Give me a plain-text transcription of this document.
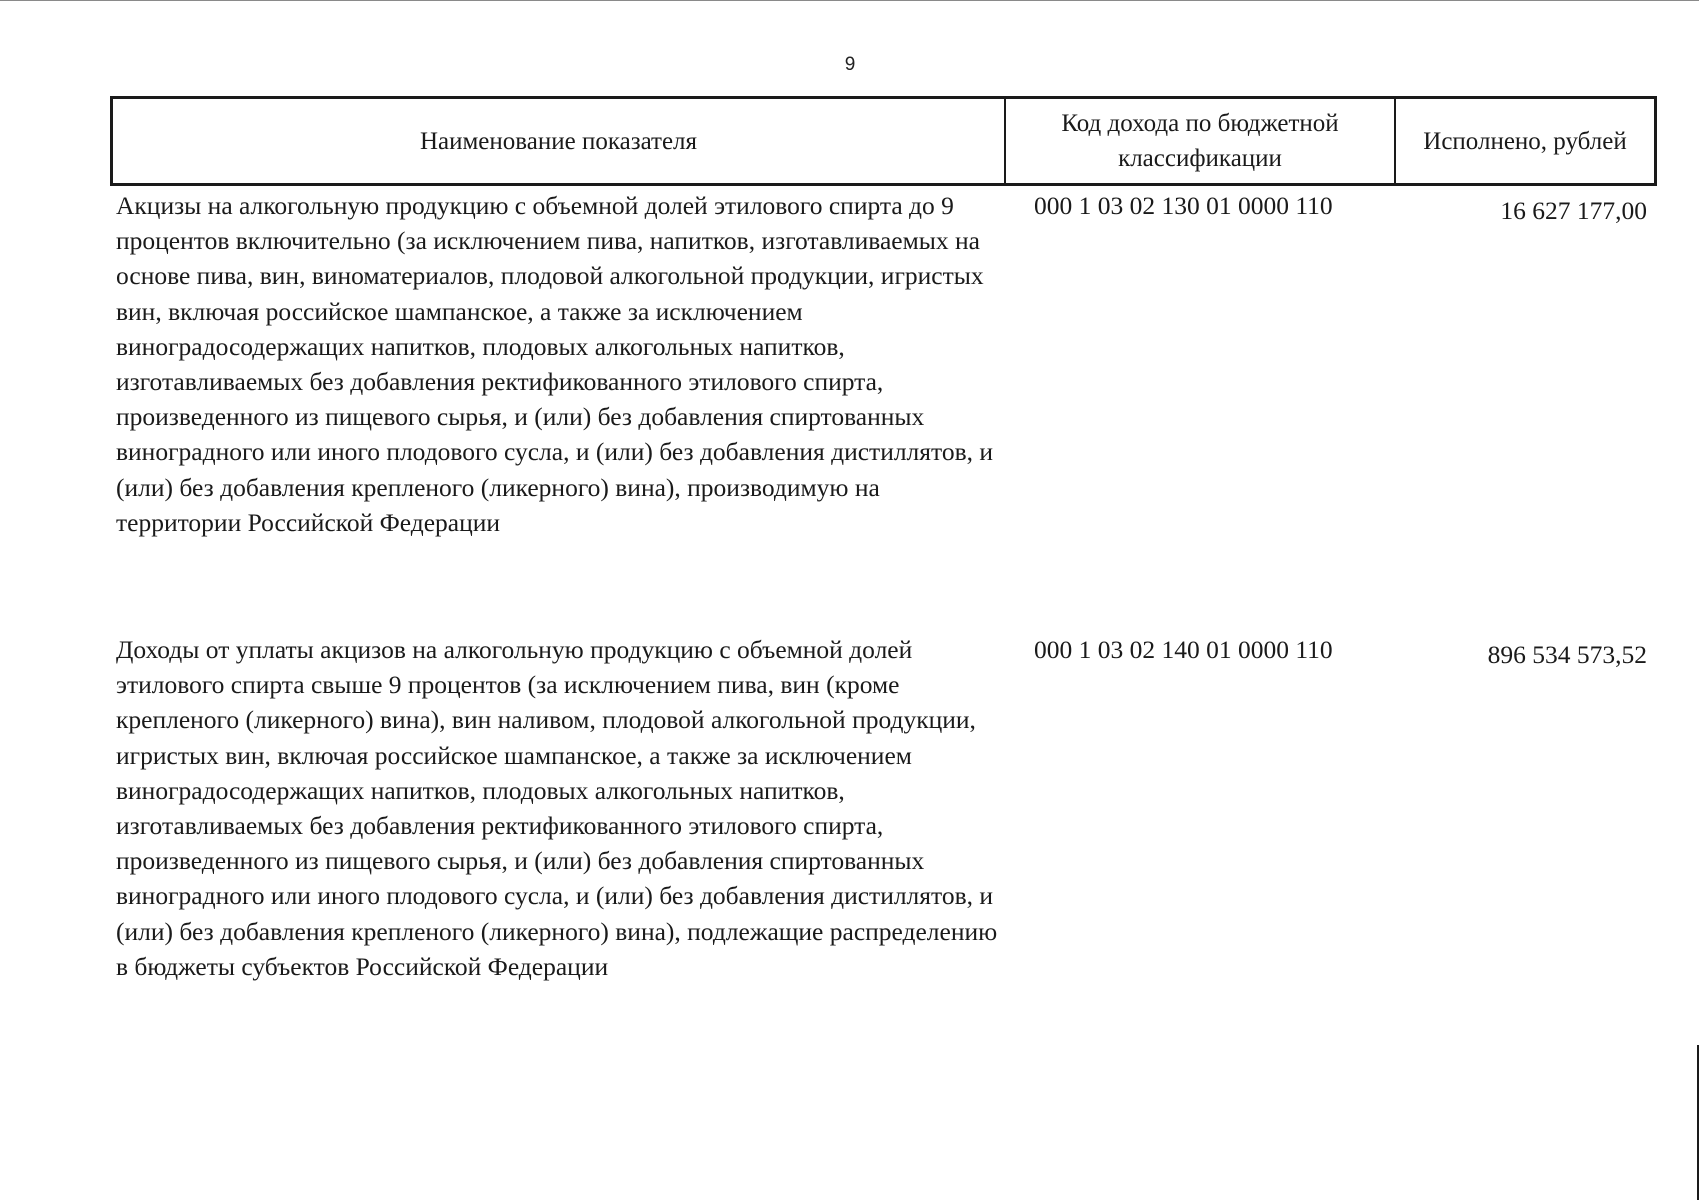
9
Наименование показателя
Код дохода по бюджетной классификации
Исполнено, рублей
Акцизы на алкогольную продукцию с объемной долей этилового спирта до 9 процентов включительно (за исключением пива, напитков, изготавливаемых на основе пива, вин, виноматериалов, плодовой алкогольной продукции, игристых вин, включая российское шампанское, а также за исключением виноградосодержащих напитков, плодовых алкогольных напитков, изготавливаемых без добавления ректификованного этилового спирта, произведенного из пищевого сырья, и (или) без добавления спиртованных виноградного или иного плодового сусла, и (или) без добавления дистиллятов, и (или) без добавления крепленого (ликерного) вина), производимую на территории Российской Федерации
000 1 03 02 130 01 0000 110	16 627 177,00
Доходы от уплаты акцизов на алкогольную продукцию с объемной долей этилового спирта свыше 9 процентов (за исключением пива, вин (кроме крепленого (ликерного) вина), вин наливом, плодовой алкогольной продукции, игристых вин, включая российское шампанское, а также за исключением виноградосодержащих напитков, плодовых алкогольных напитков, изготавливаемых без добавления ректификованного этилового спирта, произведенного из пищевого сырья, и (или) без добавления спиртованных виноградного или иного плодового сусла, и (или) без добавления дистиллятов, и (или) без добавления крепленого (ликерного) вина), подлежащие распределению в бюджеты субъектов Российской Федерации
000 1 03 02 140 01 0000 110	896 534 573,52
